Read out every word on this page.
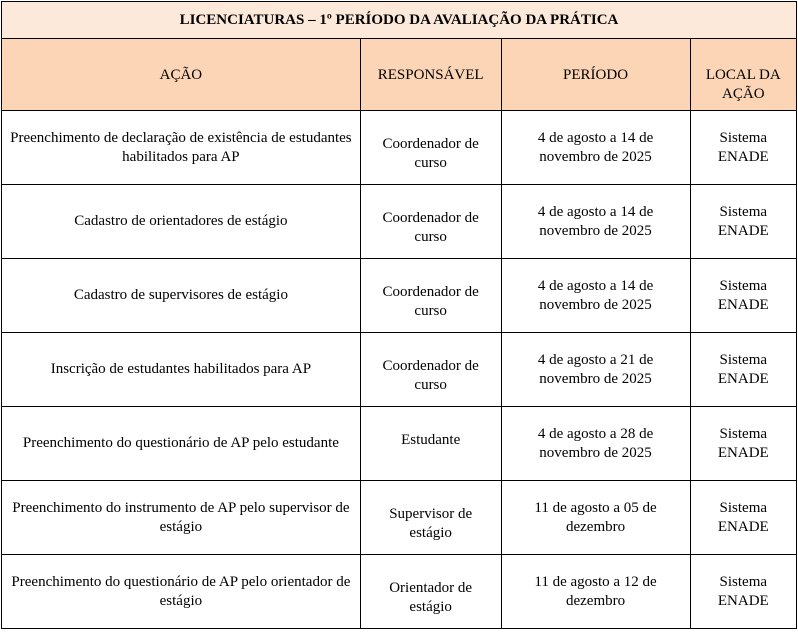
LICENCIATURAS – 1º PERÍODO DA AVALIAÇÃO DA PRÁTICA			
AÇÃO	RESPONSÁVEL	PERÍODO	LOCAL DA AÇÃO
Preenchimento de declaração de existência de estudantes habilitados para AP	Coordenador de curso	4 de agosto a 14 de novembro de 2025	Sistema ENADE
Cadastro de orientadores de estágio	Coordenador de curso	4 de agosto a 14 de novembro de 2025	Sistema ENADE
Cadastro de supervisores de estágio	Coordenador de curso	4 de agosto a 14 de novembro de 2025	Sistema ENADE
Inscrição de estudantes habilitados para AP	Coordenador de curso	4 de agosto a 21 de novembro de 2025	Sistema ENADE
Preenchimento do questionário de AP pelo estudante	Estudante	4 de agosto a 28 de novembro de 2025	Sistema ENADE
Preenchimento do instrumento de AP pelo supervisor de estágio	Supervisor de estágio	11 de agosto a 05 de dezembro	Sistema ENADE
Preenchimento do questionário de AP pelo orientador de estágio	Orientador de estágio	11 de agosto a 12 de dezembro	Sistema ENADE
